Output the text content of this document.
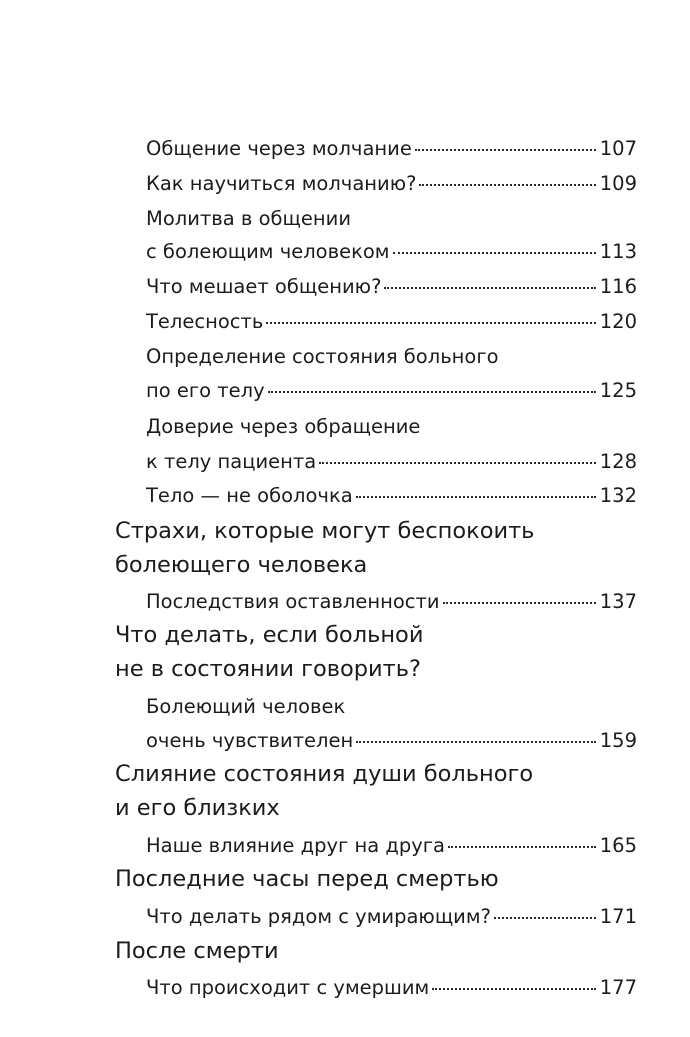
Общение через молчание	107
Как научиться молчанию?	109
Молитва в общении
с болеющим человеком	113
Что мешает общению?	116
Телесность	120
Определение состояния больного
по его телу	125
Доверие через обращение
к телу пациента	128
Тело — не оболочка	132
Страхи, которые могут беспокоить
болеющего человека
Последствия оставленности	137
Что делать, если больной
не в состоянии говорить?
Болеющий человек
очень чувствителен	159
Слияние состояния души больного
и его близких
Наше влияние друг на друга	165
Последние часы перед смертью
Что делать рядом с умирающим?	171
После смерти
Что происходит с умершим	177
